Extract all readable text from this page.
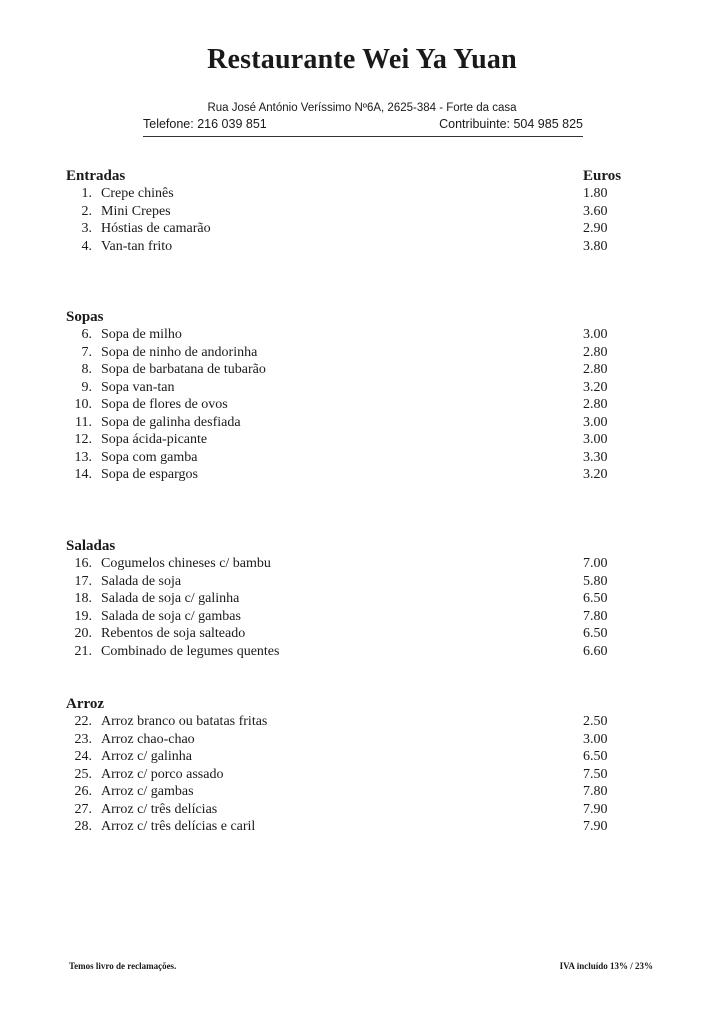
Restaurante Wei Ya Yuan
Rua José António Veríssimo Nº6A, 2625-384 - Forte da casa
Telefone: 216 039 851	Contribuinte: 504 985 825
Entradas	Euros
1. Crepe chinês	1.80
2. Mini Crepes	3.60
3. Hóstias de camarão	2.90
4. Van-tan frito	3.80
Sopas
6. Sopa de milho	3.00
7. Sopa de ninho de andorinha	2.80
8. Sopa de barbatana de tubarão	2.80
9. Sopa van-tan	3.20
10. Sopa de flores de ovos	2.80
11. Sopa de galinha desfiada	3.00
12. Sopa ácida-picante	3.00
13. Sopa com gamba	3.30
14. Sopa de espargos	3.20
Saladas
16. Cogumelos chineses c/ bambu	7.00
17. Salada de soja	5.80
18. Salada de soja c/ galinha	6.50
19. Salada de soja c/ gambas	7.80
20. Rebentos de soja salteado	6.50
21. Combinado de legumes quentes	6.60
Arroz
22. Arroz branco ou batatas fritas	2.50
23. Arroz chao-chao	3.00
24. Arroz c/ galinha	6.50
25. Arroz c/ porco assado	7.50
26. Arroz c/ gambas	7.80
27. Arroz c/ três delícias	7.90
28. Arroz c/ três delícias e caril	7.90
Temos livro de reclamações.	IVA incluído 13% / 23%
